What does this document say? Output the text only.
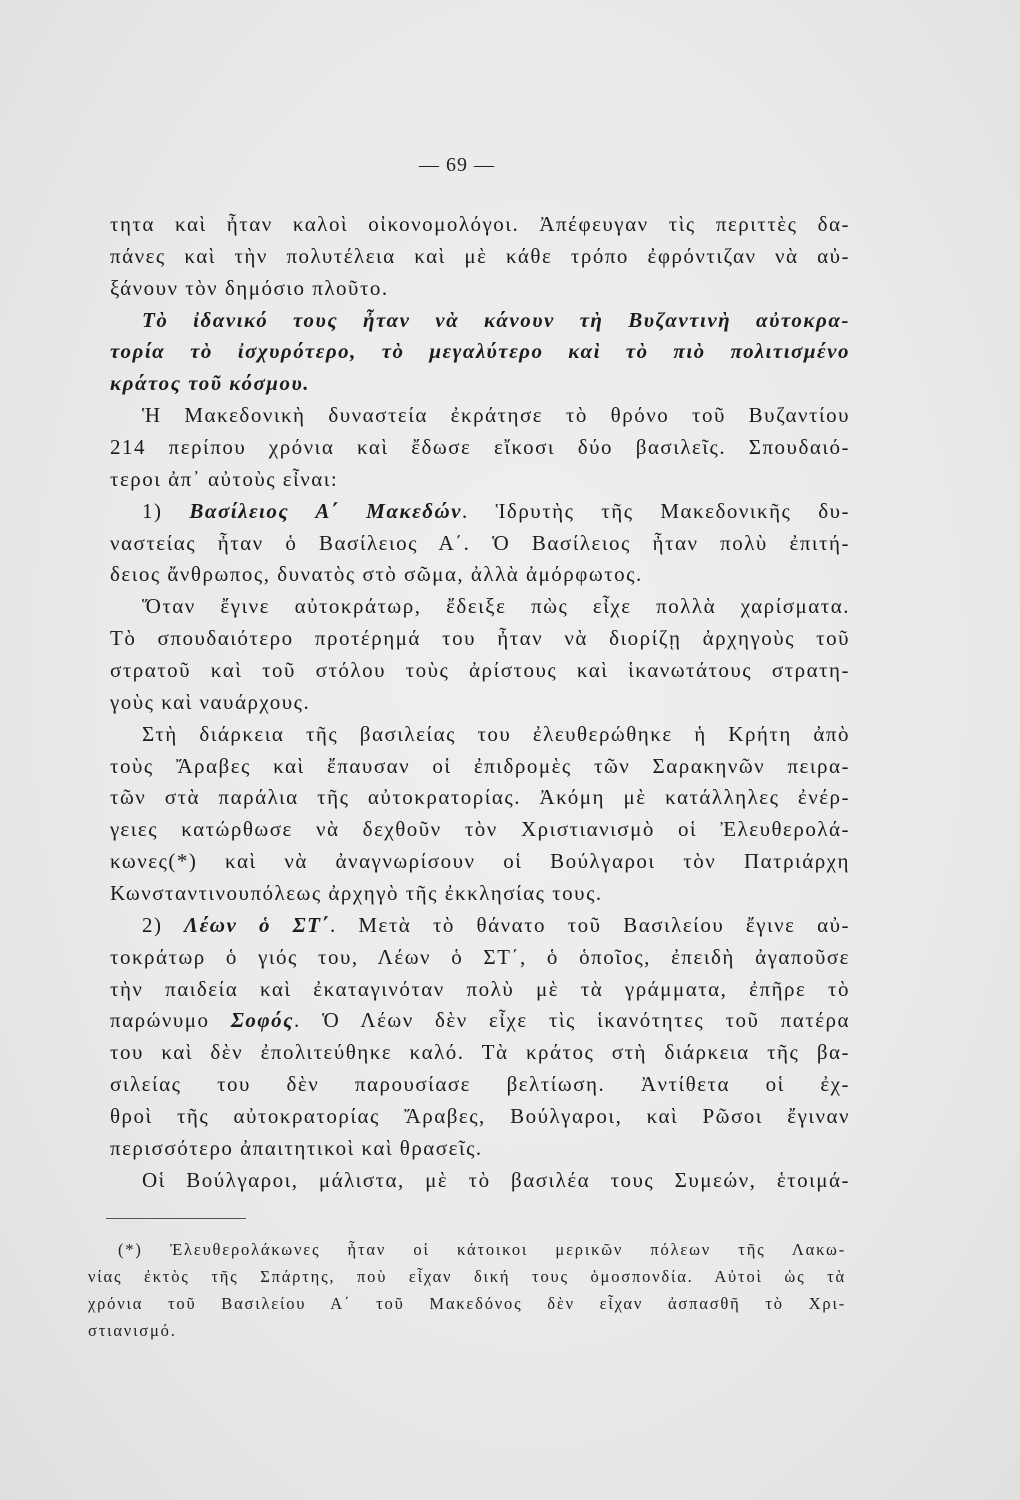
— 69 —
τητα καὶ ἦταν καλοὶ οἰκονομολόγοι. Ἀπέφευγαν τὶς περιττὲς δα-
πάνες καὶ τὴν πολυτέλεια καὶ μὲ κάθε τρόπο ἐφρόντιζαν νὰ αὐ-
ξάνουν τὸν δημόσιο πλοῦτο.
Τὸ ἰδανικό τους ἦταν νὰ κάνουν τὴ Βυζαντινὴ αὐτοκρα-
τορία τὸ ἰσχυρότερο, τὸ μεγαλύτερο καὶ τὸ πιὸ πολιτισμένο
κράτος τοῦ κόσμου.
Ἡ Μακεδονικὴ δυναστεία ἐκράτησε τὸ θρόνο τοῦ Βυζαντίου
214 περίπου χρόνια καὶ ἔδωσε εἴκοσι δύο βασιλεῖς. Σπουδαιό-
τεροι ἀπ᾽ αὐτοὺς εἶναι:
1) Βασίλειος Α΄ Μακεδών. Ἱδρυτὴς τῆς Μακεδονικῆς δυ-
ναστείας ἦταν ὁ Βασίλειος Α΄. Ὁ Βασίλειος ἦταν πολὺ ἐπιτή-
δειος ἄνθρωπος, δυνατὸς στὸ σῶμα, ἀλλὰ ἀμόρφωτος.
Ὅταν ἔγινε αὐτοκράτωρ, ἔδειξε πὼς εἶχε πολλὰ χαρίσματα.
Τὸ σπουδαιότερο προτέρημά του ἦταν νὰ διορίζῃ ἀρχηγοὺς τοῦ
στρατοῦ καὶ τοῦ στόλου τοὺς ἀρίστους καὶ ἱκανωτάτους στρατη-
γοὺς καὶ ναυάρχους.
Στὴ διάρκεια τῆς βασιλείας του ἐλευθερώθηκε ἡ Κρήτη ἀπὸ
τοὺς Ἄραβες καὶ ἔπαυσαν οἱ ἐπιδρομὲς τῶν Σαρακηνῶν πειρα-
τῶν στὰ παράλια τῆς αὐτοκρατορίας. Ἀκόμη μὲ κατάλληλες ἐνέρ-
γειες κατώρθωσε νὰ δεχθοῦν τὸν Χριστιανισμὸ οἱ Ἐλευθερολά-
κωνες(*) καὶ νὰ ἀναγνωρίσουν οἱ Βούλγαροι τὸν Πατριάρχη
Κωνσταντινουπόλεως ἀρχηγὸ τῆς ἐκκλησίας τους.
2) Λέων ὁ ΣΤ΄. Μετὰ τὸ θάνατο τοῦ Βασιλείου ἔγινε αὐ-
τοκράτωρ ὁ γιός του, Λέων ὁ ΣΤ΄, ὁ ὁποῖος, ἐπειδὴ ἀγαποῦσε
τὴν παιδεία καὶ ἐκαταγινόταν πολὺ μὲ τὰ γράμματα, ἐπῆρε τὸ
παρώνυμο Σοφός. Ὁ Λέων δὲν εἶχε τὶς ἱκανότητες τοῦ πατέρα
του καὶ δὲν ἐπολιτεύθηκε καλό. Τὰ κράτος στὴ διάρκεια τῆς βα-
σιλείας του δὲν παρουσίασε βελτίωση. Ἀντίθετα οἱ ἐχ-
θροὶ τῆς αὐτοκρατορίας Ἄραβες, Βούλγαροι, καὶ Ρῶσοι ἔγιναν
περισσότερο ἀπαιτητικοὶ καὶ θρασεῖς.
Οἱ Βούλγαροι, μάλιστα, μὲ τὸ βασιλέα τους Συμεών, ἑτοιμά-
(*) Ἐλευθερολάκωνες ἦταν οἱ κάτοικοι μερικῶν πόλεων τῆς Λακω-
νίας ἐκτὸς τῆς Σπάρτης, ποὺ εἶχαν δική τους ὁμοσπονδία. Αὐτοὶ ὡς τὰ
χρόνια τοῦ Βασιλείου Α΄ τοῦ Μακεδόνος δὲν εἶχαν ἀσπασθῆ τὸ Χρι-
στιανισμό.
